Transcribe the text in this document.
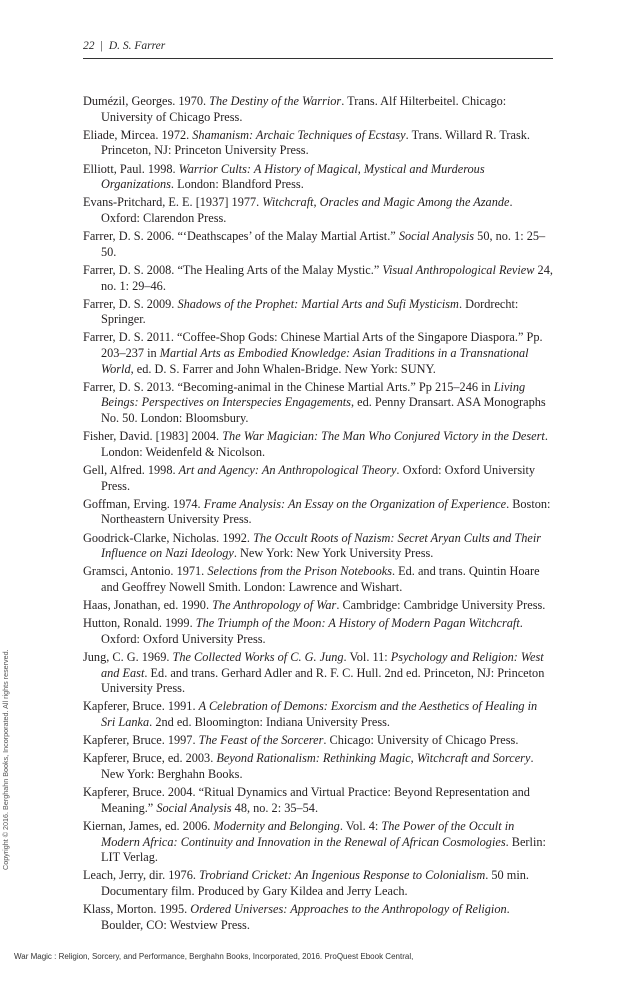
22 | D. S. Farrer

Dumézil, Georges. 1970. The Destiny of the Warrior. Trans. Alf Hilterbeitel. Chicago: University of Chicago Press.

Eliade, Mircea. 1972. Shamanism: Archaic Techniques of Ecstasy. Trans. Willard R. Trask. Princeton, NJ: Princeton University Press.

Elliott, Paul. 1998. Warrior Cults: A History of Magical, Mystical and Murderous Organizations. London: Blandford Press.

Evans-Pritchard, E. E. [1937] 1977. Witchcraft, Oracles and Magic Among the Azande. Oxford: Clarendon Press.

Farrer, D. S. 2006. “‘Deathscapes’ of the Malay Martial Artist.” Social Analysis 50, no. 1: 25–50.

Farrer, D. S. 2008. “The Healing Arts of the Malay Mystic.” Visual Anthropological Review 24, no. 1: 29–46.

Farrer, D. S. 2009. Shadows of the Prophet: Martial Arts and Sufi Mysticism. Dordrecht: Springer.

Farrer, D. S. 2011. “Coffee-Shop Gods: Chinese Martial Arts of the Singapore Diaspora.” Pp. 203–237 in Martial Arts as Embodied Knowledge: Asian Traditions in a Transnational World, ed. D. S. Farrer and John Whalen-Bridge. New York: SUNY.

Farrer, D. S. 2013. “Becoming-animal in the Chinese Martial Arts.” Pp 215–246 in Living Beings: Perspectives on Interspecies Engagements, ed. Penny Dransart. ASA Monographs No. 50. London: Bloomsbury.

Fisher, David. [1983] 2004. The War Magician: The Man Who Conjured Victory in the Desert. London: Weidenfeld & Nicolson.

Gell, Alfred. 1998. Art and Agency: An Anthropological Theory. Oxford: Oxford University Press.

Goffman, Erving. 1974. Frame Analysis: An Essay on the Organization of Experience. Boston: Northeastern University Press.

Goodrick-Clarke, Nicholas. 1992. The Occult Roots of Nazism: Secret Aryan Cults and Their Influence on Nazi Ideology. New York: New York University Press.

Gramsci, Antonio. 1971. Selections from the Prison Notebooks. Ed. and trans. Quintin Hoare and Geoffrey Nowell Smith. London: Lawrence and Wishart.

Haas, Jonathan, ed. 1990. The Anthropology of War. Cambridge: Cambridge University Press.

Hutton, Ronald. 1999. The Triumph of the Moon: A History of Modern Pagan Witchcraft. Oxford: Oxford University Press.

Jung, C. G. 1969. The Collected Works of C. G. Jung. Vol. 11: Psychology and Religion: West and East. Ed. and trans. Gerhard Adler and R. F. C. Hull. 2nd ed. Princeton, NJ: Princeton University Press.

Kapferer, Bruce. 1991. A Celebration of Demons: Exorcism and the Aesthetics of Healing in Sri Lanka. 2nd ed. Bloomington: Indiana University Press.

Kapferer, Bruce. 1997. The Feast of the Sorcerer. Chicago: University of Chicago Press.

Kapferer, Bruce, ed. 2003. Beyond Rationalism: Rethinking Magic, Witchcraft and Sorcery. New York: Berghahn Books.

Kapferer, Bruce. 2004. “Ritual Dynamics and Virtual Practice: Beyond Representation and Meaning.” Social Analysis 48, no. 2: 35–54.

Kiernan, James, ed. 2006. Modernity and Belonging. Vol. 4: The Power of the Occult in Modern Africa: Continuity and Innovation in the Renewal of African Cosmologies. Berlin: LIT Verlag.

Leach, Jerry, dir. 1976. Trobriand Cricket: An Ingenious Response to Colonialism. 50 min. Documentary film. Produced by Gary Kildea and Jerry Leach.

Klass, Morton. 1995. Ordered Universes: Approaches to the Anthropology of Religion. Boulder, CO: Westview Press.

Copyright © 2016. Berghahn Books, Incorporated. All rights reserved.
War Magic : Religion, Sorcery, and Performance, Berghahn Books, Incorporated, 2016. ProQuest Ebook Central,
